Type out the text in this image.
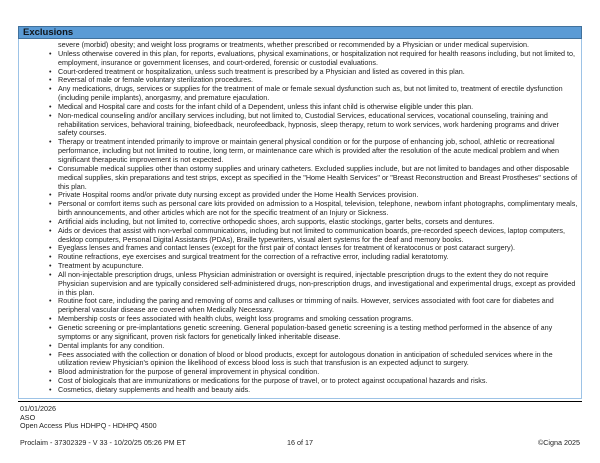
Exclusions
severe (morbid) obesity; and weight loss programs or treatments, whether prescribed or recommended by a Physician or under medical supervision.
• Unless otherwise covered in this plan, for reports, evaluations, physical examinations, or hospitalization not required for health reasons including, but not limited to, employment, insurance or government licenses, and court-ordered, forensic or custodial evaluations.
• Court-ordered treatment or hospitalization, unless such treatment is prescribed by a Physician and listed as covered in this plan.
• Reversal of male or female voluntary sterilization procedures.
• Any medications, drugs, services or supplies for the treatment of male or female sexual dysfunction such as, but not limited to, treatment of erectile dysfunction (including penile implants), anorgasmy, and premature ejaculation.
• Medical and Hospital care and costs for the infant child of a Dependent, unless this infant child is otherwise eligible under this plan.
• Non-medical counseling and/or ancillary services including, but not limited to, Custodial Services, educational services, vocational counseling, training and rehabilitation services, behavioral training, biofeedback, neurofeedback, hypnosis, sleep therapy, return to work services, work hardening programs and driver safety courses.
• Therapy or treatment intended primarily to improve or maintain general physical condition or for the purpose of enhancing job, school, athletic or recreational performance, including but not limited to routine, long term, or maintenance care which is provided after the resolution of the acute medical problem and when significant therapeutic improvement is not expected.
• Consumable medical supplies other than ostomy supplies and urinary catheters. Excluded supplies include, but are not limited to bandages and other disposable medical supplies, skin preparations and test strips, except as specified in the "Home Health Services" or "Breast Reconstruction and Breast Prostheses" sections of this plan.
• Private Hospital rooms and/or private duty nursing except as provided under the Home Health Services provision.
• Personal or comfort items such as personal care kits provided on admission to a Hospital, television, telephone, newborn infant photographs, complimentary meals, birth announcements, and other articles which are not for the specific treatment of an Injury or Sickness.
• Artificial aids including, but not limited to, corrective orthopedic shoes, arch supports, elastic stockings, garter belts, corsets and dentures.
• Aids or devices that assist with non-verbal communications, including but not limited to communication boards, pre-recorded speech devices, laptop computers, desktop computers, Personal Digital Assistants (PDAs), Braille typewriters, visual alert systems for the deaf and memory books.
• Eyeglass lenses and frames and contact lenses (except for the first pair of contact lenses for treatment of keratoconus or post cataract surgery).
• Routine refractions, eye exercises and surgical treatment for the correction of a refractive error, including radial keratotomy.
• Treatment by acupuncture.
• All non-injectable prescription drugs, unless Physician administration or oversight is required, injectable prescription drugs to the extent they do not require Physician supervision and are typically considered self-administered drugs, non-prescription drugs, and investigational and experimental drugs, except as provided in this plan.
• Routine foot care, including the paring and removing of corns and calluses or trimming of nails. However, services associated with foot care for diabetes and peripheral vascular disease are covered when Medically Necessary.
• Membership costs or fees associated with health clubs, weight loss programs and smoking cessation programs.
• Genetic screening or pre-implantations genetic screening. General population-based genetic screening is a testing method performed in the absence of any symptoms or any significant, proven risk factors for genetically linked inheritable disease.
• Dental implants for any condition.
• Fees associated with the collection or donation of blood or blood products, except for autologous donation in anticipation of scheduled services where in the utilization review Physician's opinion the likelihood of excess blood loss is such that transfusion is an expected adjunct to surgery.
• Blood administration for the purpose of general improvement in physical condition.
• Cost of biologicals that are immunizations or medications for the purpose of travel, or to protect against occupational hazards and risks.
• Cosmetics, dietary supplements and health and beauty aids.
01/01/2026
ASO
Open Access Plus HDHPQ - HDHPQ 4500
Proclaim - 37302329 - V 33 - 10/20/25 05:26 PM ET	16 of 17	©Cigna 2025
